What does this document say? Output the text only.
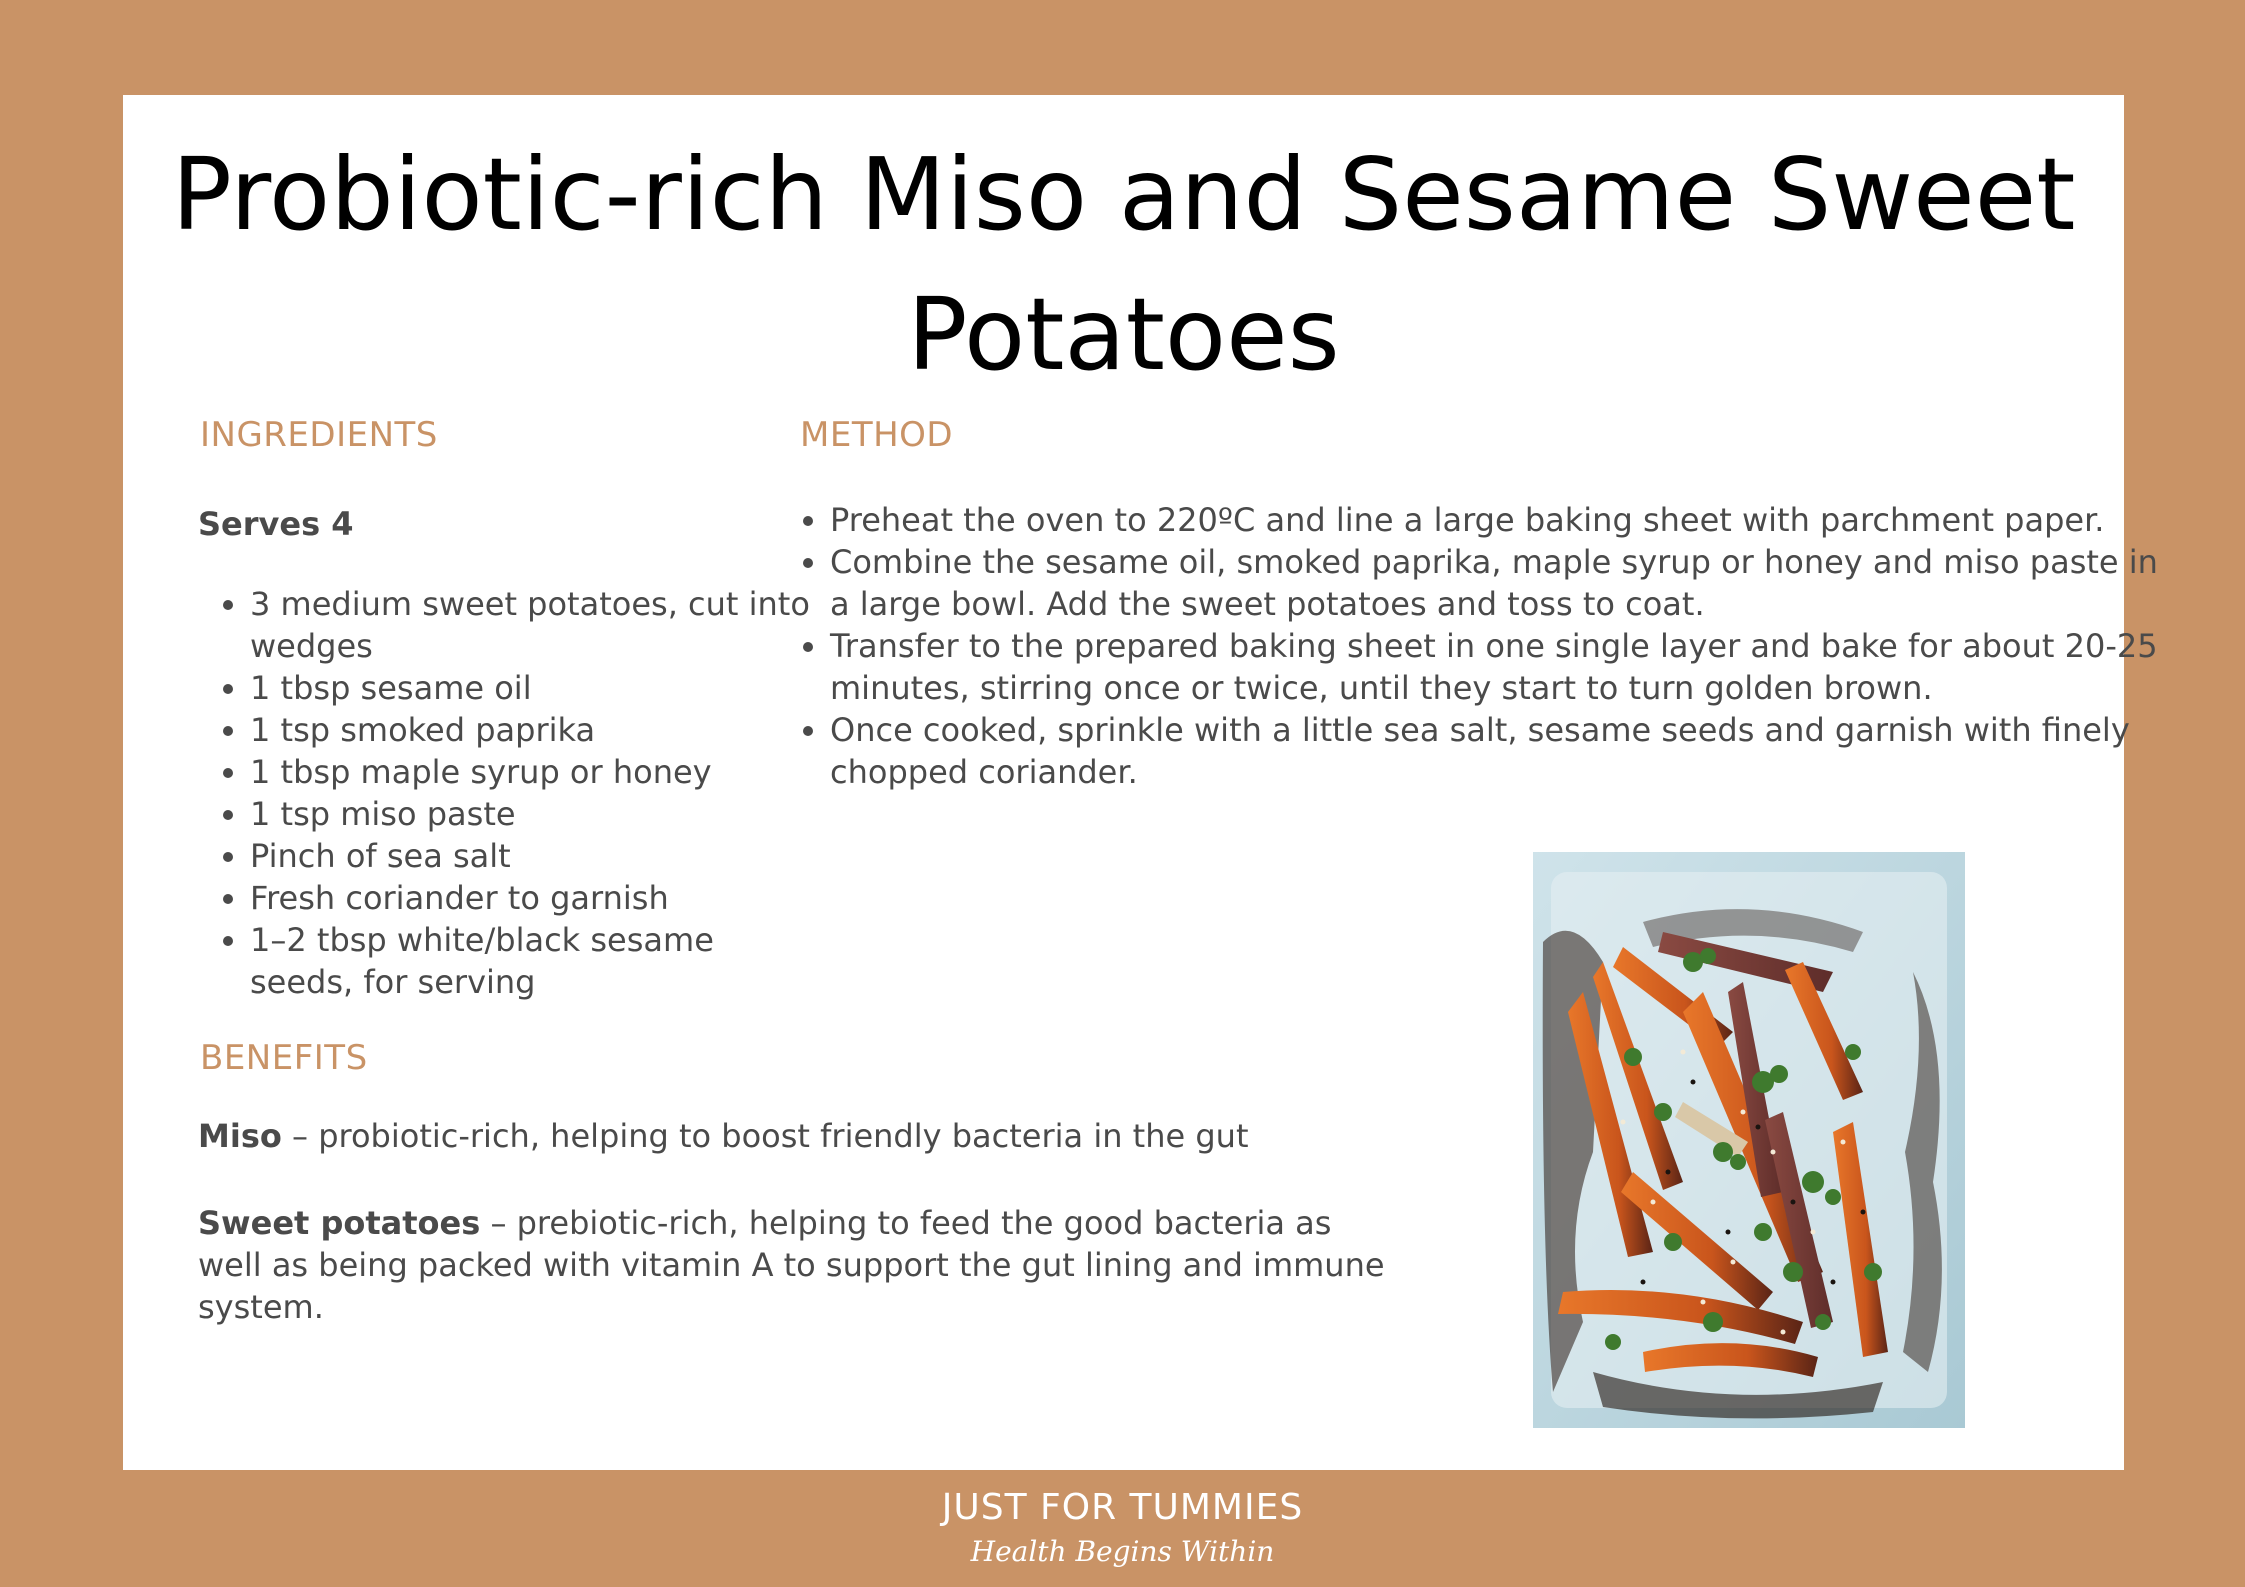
Probiotic-rich Miso and Sesame Sweet Potatoes
INGREDIENTS	METHOD
Serves 4
• 3 medium sweet potatoes, cut into wedges
• 1 tbsp sesame oil
• 1 tsp smoked paprika
• 1 tbsp maple syrup or honey
• 1 tsp miso paste
• Pinch of sea salt
• Fresh coriander to garnish
• 1–2 tbsp white/black sesame seeds, for serving
• Preheat the oven to 220ºC and line a large baking sheet with parchment paper.
• Combine the sesame oil, smoked paprika, maple syrup or honey and miso paste in a large bowl. Add the sweet potatoes and toss to coat.
• Transfer to the prepared baking sheet in one single layer and bake for about 20-25 minutes, stirring once or twice, until they start to turn golden brown.
• Once cooked, sprinkle with a little sea salt, sesame seeds and garnish with finely chopped coriander.
BENEFITS

Miso – probiotic-rich, helping to boost friendly bacteria in the gut

Sweet potatoes – prebiotic-rich, helping to feed the good bacteria as well as being packed with vitamin A to support the gut lining and immune system.

JUST FOR TUMMIES
Health Begins Within
